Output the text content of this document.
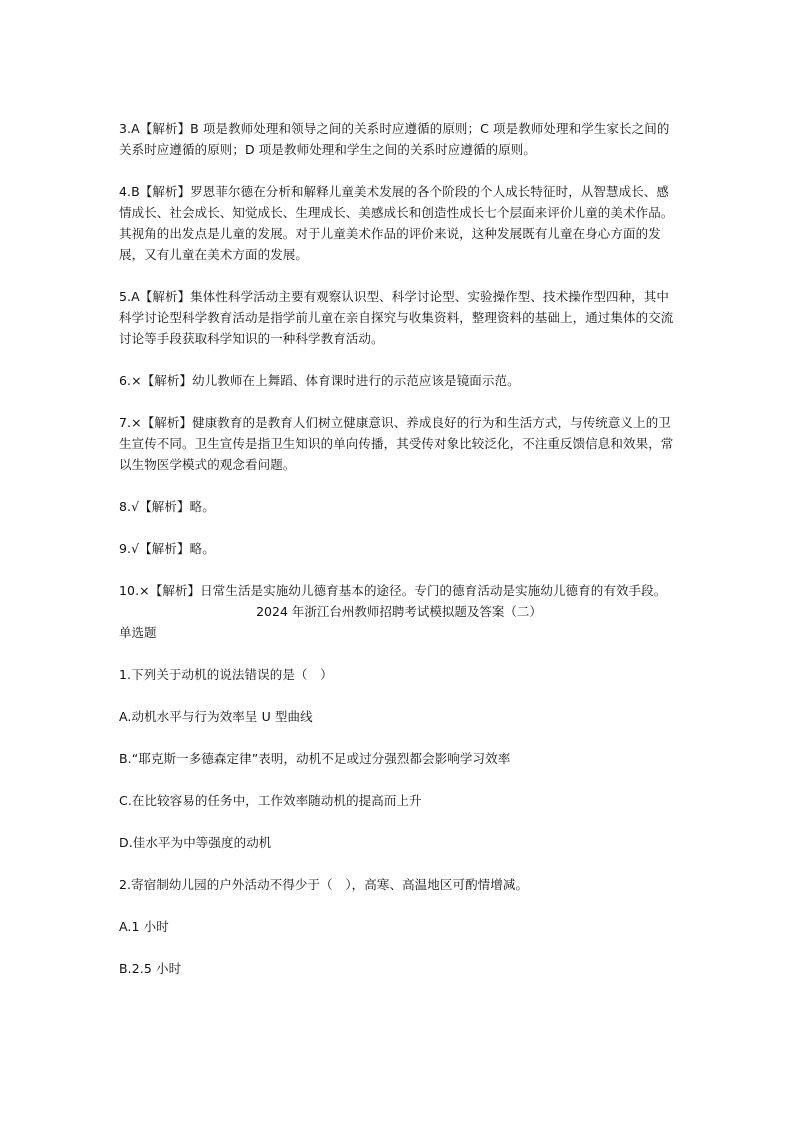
3.A【解析】B 项是教师处理和领导之间的关系时应遵循的原则；C 项是教师处理和学生家长之间的关系时应遵循的原则；D 项是教师处理和学生之间的关系时应遵循的原则。

4.B【解析】罗恩菲尔德在分析和解释儿童美术发展的各个阶段的个人成长特征时，从智慧成长、感情成长、社会成长、知觉成长、生理成长、美感成长和创造性成长七个层面来评价儿童的美术作品。其视角的出发点是儿童的发展。对于儿童美术作品的评价来说，这种发展既有儿童在身心方面的发展，又有儿童在美术方面的发展。

5.A【解析】集体性科学活动主要有观察认识型、科学讨论型、实验操作型、技术操作型四种，其中科学讨论型科学教育活动是指学前儿童在亲自探究与收集资料，整理资料的基础上，通过集体的交流讨论等手段获取科学知识的一种科学教育活动。

6.×【解析】幼儿教师在上舞蹈、体育课时进行的示范应该是镜面示范。

7.×【解析】健康教育的是教育人们树立健康意识、养成良好的行为和生活方式，与传统意义上的卫生宣传不同。卫生宣传是指卫生知识的单向传播，其受传对象比较泛化，不注重反馈信息和效果，常以生物医学模式的观念看问题。

8.√【解析】略。

9.√【解析】略。

10.×【解析】日常生活是实施幼儿德育基本的途径。专门的德育活动是实施幼儿德育的有效手段。

2024 年浙江台州教师招聘考试模拟题及答案（二）

单选题

1.下列关于动机的说法错误的是（　）

A.动机水平与行为效率呈 U 型曲线

B.“耶克斯一多德森定律”表明，动机不足或过分强烈都会影响学习效率

C.在比较容易的任务中，工作效率随动机的提高而上升

D.佳水平为中等强度的动机

2.寄宿制幼儿园的户外活动不得少于（　），高寒、高温地区可酌情增减。

A.1 小时

B.2.5 小时
